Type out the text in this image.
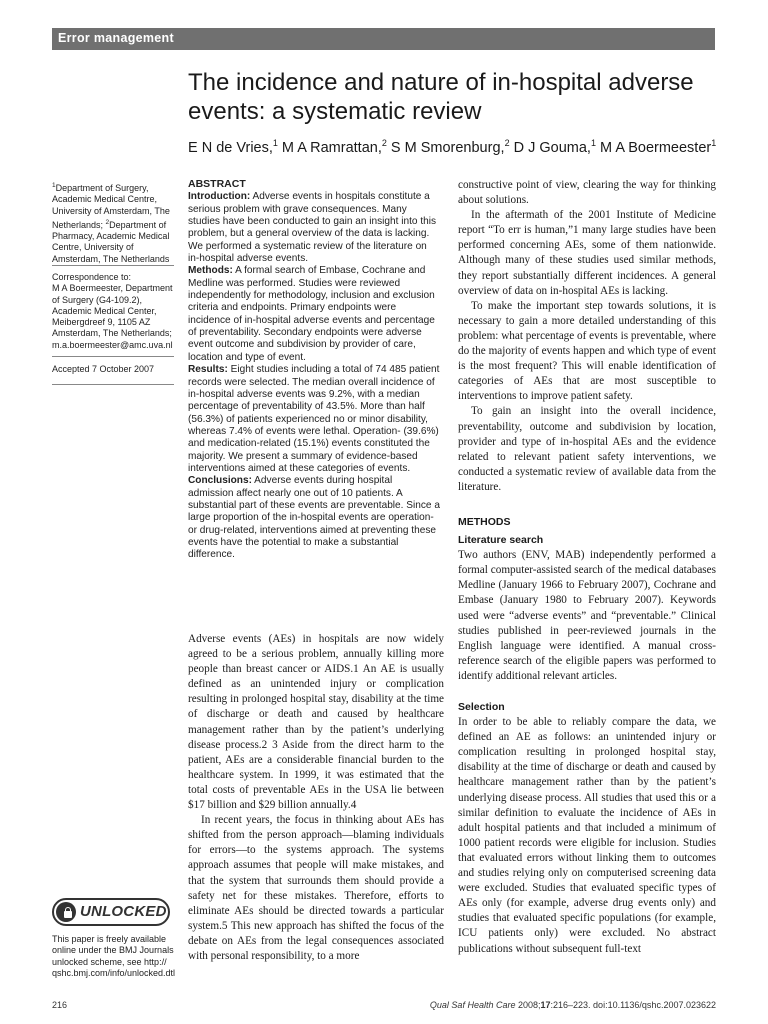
Error management
The incidence and nature of in-hospital adverse events: a systematic review
E N de Vries,$^1$ M A Ramrattan,$^2$ S M Smorenburg,$^2$ D J Gouma,$^1$ M A Boermeester$^1$
$^1$Department of Surgery, Academic Medical Centre, University of Amsterdam, The Netherlands; $^2$Department of Pharmacy, Academic Medical Centre, University of Amsterdam, The Netherlands
Correspondence to:
M A Boermeester, Department of Surgery (G4-109.2), Academic Medical Center, Meibergdreef 9, 1105 AZ Amsterdam, The Netherlands; m.a.boermeester@amc.uva.nl
Accepted 7 October 2007
ABSTRACT

Introduction: Adverse events in hospitals constitute a serious problem with grave consequences. Many studies have been conducted to gain an insight into this problem, but a general overview of the data is lacking. We performed a systematic review of the literature on in-hospital adverse events.

Methods: A formal search of Embase, Cochrane and Medline was performed. Studies were reviewed independently for methodology, inclusion and exclusion criteria and endpoints. Primary endpoints were incidence of in-hospital adverse events and percentage of preventability. Secondary endpoints were adverse event outcome and subdivision by provider of care, location and type of event.

Results: Eight studies including a total of 74 485 patient records were selected. The median overall incidence of in-hospital adverse events was 9.2%, with a median percentage of preventability of 43.5%. More than half (56.3%) of patients experienced no or minor disability, whereas 7.4% of events were lethal. Operation- (39.6%) and medication-related (15.1%) events constituted the majority. We present a summary of evidence-based interventions aimed at these categories of events.

Conclusions: Adverse events during hospital admission affect nearly one out of 10 patients. A substantial part of these events are preventable. Since a large proportion of the in-hospital events are operation- or drug-related, interventions aimed at preventing these events have the potential to make a substantial difference.

Adverse events (AEs) in hospitals are now widely agreed to be a serious problem, annually killing more people than breast cancer or AIDS.1 An AE is usually defined as an unintended injury or complication resulting in prolonged hospital stay, disability at the time of discharge or death and caused by healthcare management rather than by the patient’s underlying disease process.2 3 Aside from the direct harm to the patient, AEs are a considerable financial burden to the healthcare system. In 1999, it was estimated that the total costs of preventable AEs in the USA lie between $17 billion and $29 billion annually.4

In recent years, the focus in thinking about AEs has shifted from the person approach—blaming individuals for errors—to the systems approach. The systems approach assumes that people will make mistakes, and that the system that surrounds them should provide a safety net for these mistakes. Therefore, efforts to eliminate AEs should be directed towards a particular system.5 This new approach has shifted the focus of the debate on AEs from the legal consequences associated with personal responsibility, to a more

constructive point of view, clearing the way for thinking about solutions.

In the aftermath of the 2001 Institute of Medicine report “To err is human,”1 many large studies have been performed concerning AEs, some of them nationwide. Although many of these studies used similar methods, they report substantially different incidences. A general overview of data on in-hospital AEs is lacking.

To make the important step towards solutions, it is necessary to gain a more detailed understanding of this problem: what percentage of events is preventable, where do the majority of events happen and which type of event is the most frequent? This will enable identification of categories of AEs that are most susceptible to interventions to improve patient safety.

To gain an insight into the overall incidence, preventability, outcome and subdivision by location, provider and type of in-hospital AEs and the evidence related to relevant patient safety interventions, we conducted a systematic review of available data from the literature.

METHODS

Literature search

Two authors (ENV, MAB) independently performed a formal computer-assisted search of the medical databases Medline (January 1966 to February 2007), Cochrane and Embase (January 1980 to February 2007). Keywords used were “adverse events” and “preventable.” Clinical studies published in peer-reviewed journals in the English language were identified. A manual cross-reference search of the eligible papers was performed to identify additional relevant articles.

Selection

In order to be able to reliably compare the data, we defined an AE as follows: an unintended injury or complication resulting in prolonged hospital stay, disability at the time of discharge or death and caused by healthcare management rather than by the patient’s underlying disease process. All studies that used this or a similar definition to evaluate the incidence of AEs in adult hospital patients and that included a minimum of 1000 patient records were eligible for inclusion. Studies that evaluated errors without linking them to outcomes and studies relying only on computerised screening data were excluded. Studies that evaluated specific types of AEs only (for example, adverse drug events only) and studies that evaluated specific populations (for example, ICU patients only) were excluded. No abstract publications without subsequent full-text

UNLOCKED
This paper is freely available online under the BMJ Journals unlocked scheme, see http:// qshc.bmj.com/info/unlocked.dtl
216	Qual Saf Health Care 2008;17:216–223. doi:10.1136/qshc.2007.023622
